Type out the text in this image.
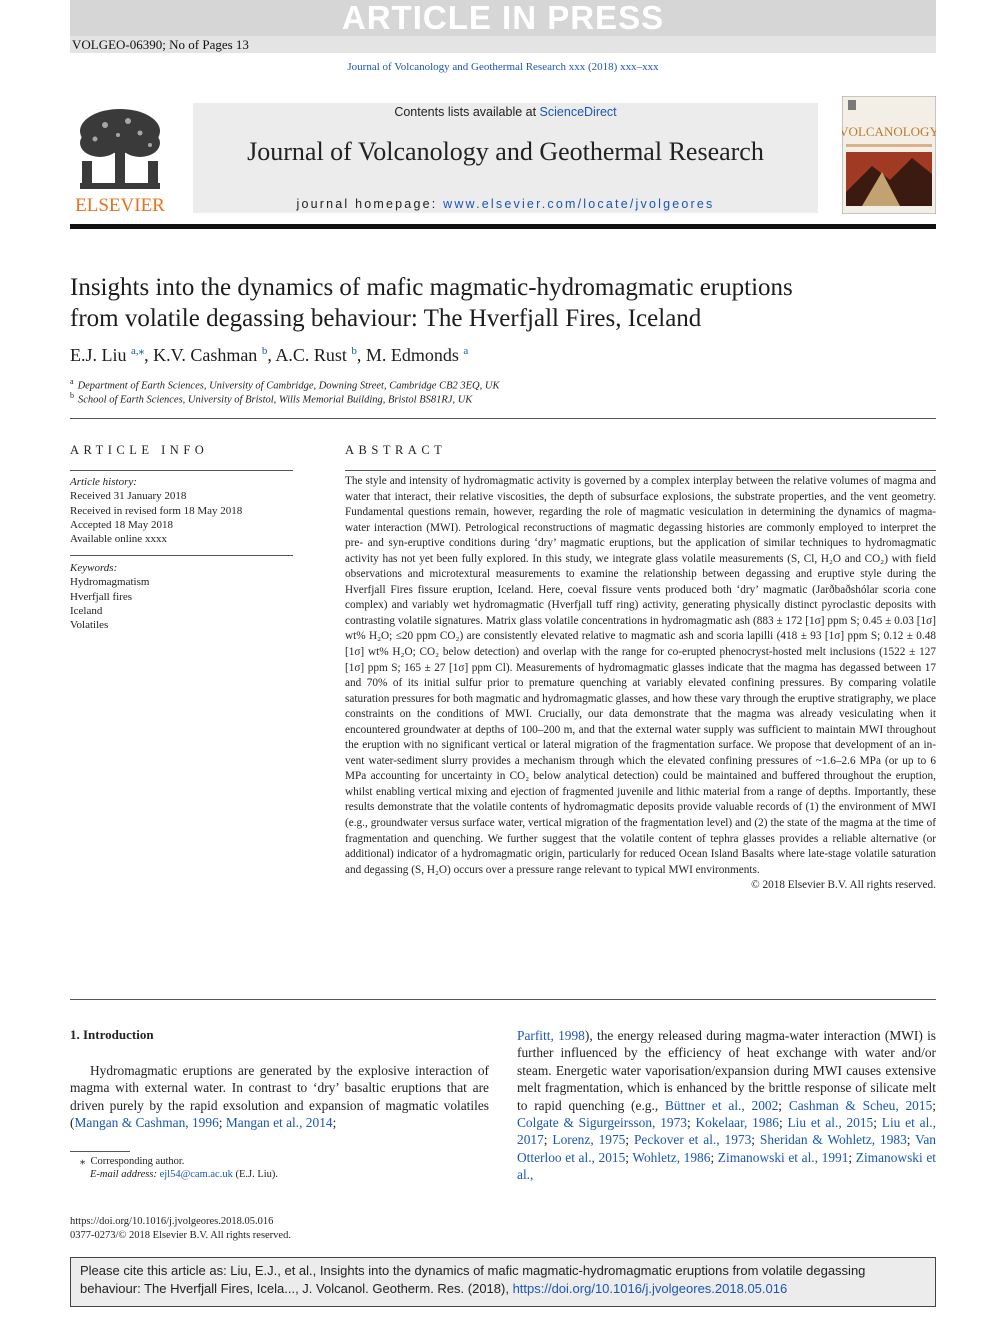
ARTICLE IN PRESS
VOLGEO-06390; No of Pages 13
Journal of Volcanology and Geothermal Research xxx (2018) xxx–xxx
ELSEVIER
Contents lists available at ScienceDirect
Journal of Volcanology and Geothermal Research
journal homepage: www.elsevier.com/locate/jvolgeores
VOLCANOLOGY
Insights into the dynamics of mafic magmatic-hydromagmatic eruptions
from volatile degassing behaviour: The Hverfjall Fires, Iceland
E.J. Liu $^{a,⁎}$, K.V. Cashman $^b$, A.C. Rust $^b$, M. Edmonds $^a$
$^a$ Department of Earth Sciences, University of Cambridge, Downing Street, Cambridge CB2 3EQ, UK
$^b$ School of Earth Sciences, University of Bristol, Wills Memorial Building, Bristol BS81RJ, UK
ARTICLE INFO
Article history:
Received 31 January 2018
Received in revised form 18 May 2018
Accepted 18 May 2018
Available online xxxx
Keywords:
Hydromagmatism
Hverfjall fires
Iceland
Volatiles
ABSTRACT
The style and intensity of hydromagmatic activity is governed by a complex interplay between the relative volumes of magma and water that interact, their relative viscosities, the depth of subsurface explosions, the substrate properties, and the vent geometry. Fundamental questions remain, however, regarding the role of magmatic vesiculation in determining the dynamics of magma-water interaction (MWI). Petrological reconstructions of magmatic degassing histories are commonly employed to interpret the pre- and syn-eruptive conditions during ‘dry’ magmatic eruptions, but the application of similar techniques to hydromagmatic activity has not yet been fully explored. In this study, we integrate glass volatile measurements (S, Cl, H₂O and CO₂) with field observations and microtextural measurements to examine the relationship between degassing and eruptive style during the Hverfjall Fires fissure eruption, Iceland. Here, coeval fissure vents produced both ‘dry’ magmatic (Jarðbaðshólar scoria cone complex) and variably wet hydromagmatic (Hverfjall tuff ring) activity, generating physically distinct pyroclastic deposits with contrasting volatile signatures. Matrix glass volatile concentrations in hydromagmatic ash (883 ± 172 [1σ] ppm S; 0.45 ± 0.03 [1σ] wt% H₂O; ≤20 ppm CO₂) are consistently elevated relative to magmatic ash and scoria lapilli (418 ± 93 [1σ] ppm S; 0.12 ± 0.48 [1σ] wt% H₂O; CO₂ below detection) and overlap with the range for co-erupted phenocryst-hosted melt inclusions (1522 ± 127 [1σ] ppm S; 165 ± 27 [1σ] ppm Cl). Measurements of hydromagmatic glasses indicate that the magma has degassed between 17 and 70% of its initial sulfur prior to premature quenching at variably elevated confining pressures. By comparing volatile saturation pressures for both magmatic and hydromagmatic glasses, and how these vary through the eruptive stratigraphy, we place constraints on the conditions of MWI. Crucially, our data demonstrate that the magma was already vesiculating when it encountered groundwater at depths of 100–200 m, and that the external water supply was sufficient to maintain MWI throughout the eruption with no significant vertical or lateral migration of the fragmentation surface. We propose that development of an in-vent water-sediment slurry provides a mechanism through which the elevated confining pressures of ~1.6–2.6 MPa (or up to 6 MPa accounting for uncertainty in CO₂ below analytical detection) could be maintained and buffered throughout the eruption, whilst enabling vertical mixing and ejection of fragmented juvenile and lithic material from a range of depths. Importantly, these results demonstrate that the volatile contents of hydromagmatic deposits provide valuable records of (1) the environment of MWI (e.g., groundwater versus surface water, vertical migration of the fragmentation level) and (2) the state of the magma at the time of fragmentation and quenching. We further suggest that the volatile content of tephra glasses provides a reliable alternative (or additional) indicator of a hydromagmatic origin, particularly for reduced Ocean Island Basalts where late-stage volatile saturation and degassing (S, H₂O) occurs over a pressure range relevant to typical MWI environments.
© 2018 Elsevier B.V. All rights reserved.
1. Introduction
Hydromagmatic eruptions are generated by the explosive interaction of magma with external water. In contrast to ‘dry’ basaltic eruptions that are driven purely by the rapid exsolution and expansion of magmatic volatiles (Mangan & Cashman, 1996; Mangan et al., 2014;
Parfitt, 1998), the energy released during magma-water interaction (MWI) is further influenced by the efficiency of heat exchange with water and/or steam. Energetic water vaporisation/expansion during MWI causes extensive melt fragmentation, which is enhanced by the brittle response of silicate melt to rapid quenching (e.g., Büttner et al., 2002; Cashman & Scheu, 2015; Colgate & Sigurgeirsson, 1973; Kokelaar, 1986; Liu et al., 2015; Liu et al., 2017; Lorenz, 1975; Peckover et al., 1973; Sheridan & Wohletz, 1983; Van Otterloo et al., 2015; Wohletz, 1986; Zimanowski et al., 1991; Zimanowski et al.,
⁎  Corresponding author.
E-mail address: ejl54@cam.ac.uk (E.J. Liu).
https://doi.org/10.1016/j.jvolgeores.2018.05.016
0377-0273/© 2018 Elsevier B.V. All rights reserved.
Please cite this article as: Liu, E.J., et al., Insights into the dynamics of mafic magmatic-hydromagmatic eruptions from volatile degassing behaviour: The Hverfjall Fires, Icela..., J. Volcanol. Geotherm. Res. (2018), https://doi.org/10.1016/j.jvolgeores.2018.05.016
